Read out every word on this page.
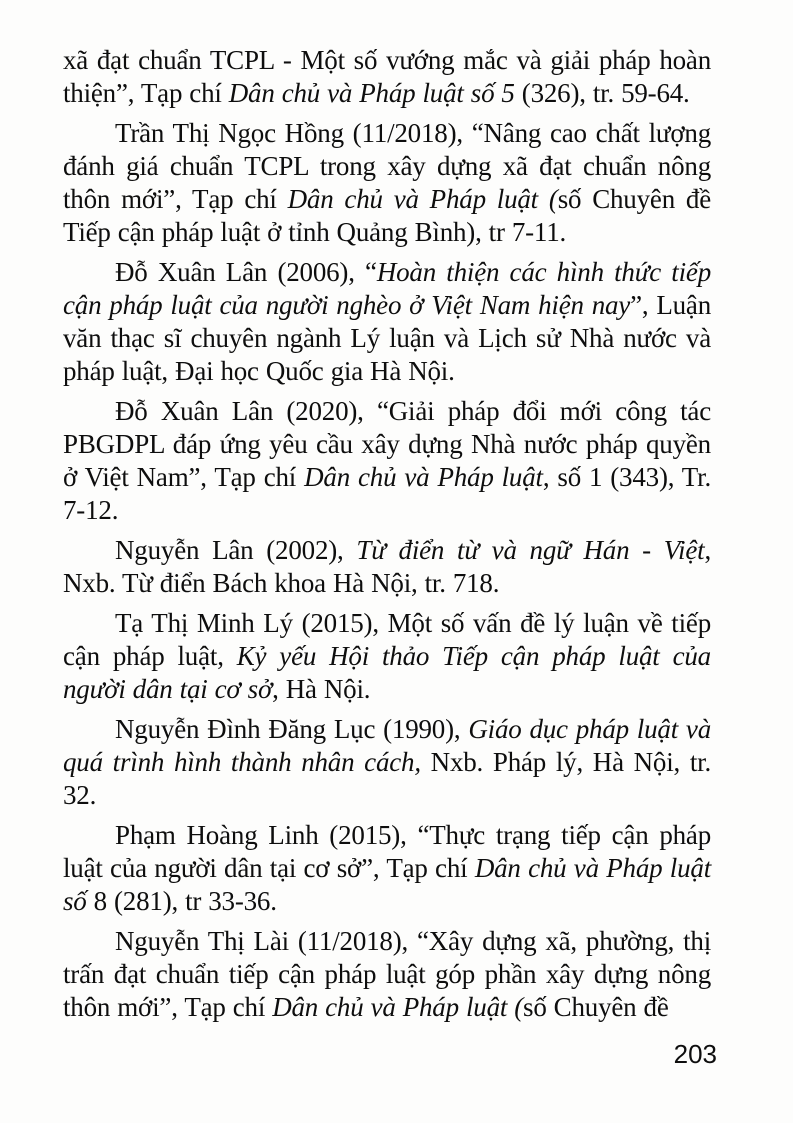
xã đạt chuẩn TCPL - Một số vướng mắc và giải pháp hoàn thiện”, Tạp chí Dân chủ và Pháp luật số 5 (326), tr. 59-64.

Trần Thị Ngọc Hồng (11/2018), “Nâng cao chất lượng đánh giá chuẩn TCPL trong xây dựng xã đạt chuẩn nông thôn mới”, Tạp chí Dân chủ và Pháp luật (số Chuyên đề Tiếp cận pháp luật ở tỉnh Quảng Bình), tr 7-11.

Đỗ Xuân Lân (2006), “Hoàn thiện các hình thức tiếp cận pháp luật của người nghèo ở Việt Nam hiện nay”, Luận văn thạc sĩ chuyên ngành Lý luận và Lịch sử Nhà nước và pháp luật, Đại học Quốc gia Hà Nội.

Đỗ Xuân Lân (2020), “Giải pháp đổi mới công tác PBGDPL đáp ứng yêu cầu xây dựng Nhà nước pháp quyền ở Việt Nam”, Tạp chí Dân chủ và Pháp luật, số 1 (343), Tr. 7-12.

Nguyễn Lân (2002), Từ điển từ và ngữ Hán - Việt, Nxb. Từ điển Bách khoa Hà Nội, tr. 718.

Tạ Thị Minh Lý (2015), Một số vấn đề lý luận về tiếp cận pháp luật, Kỷ yếu Hội thảo Tiếp cận pháp luật của người dân tại cơ sở, Hà Nội.

Nguyễn Đình Đăng Lục (1990), Giáo dục pháp luật và quá trình hình thành nhân cách, Nxb. Pháp lý, Hà Nội, tr. 32.

Phạm Hoàng Linh (2015), “Thực trạng tiếp cận pháp luật của người dân tại cơ sở”, Tạp chí Dân chủ và Pháp luật số 8 (281), tr 33-36.

Nguyễn Thị Lài (11/2018), “Xây dựng xã, phường, thị trấn đạt chuẩn tiếp cận pháp luật góp phần xây dựng nông thôn mới”, Tạp chí Dân chủ và Pháp luật (số Chuyên đề

203
